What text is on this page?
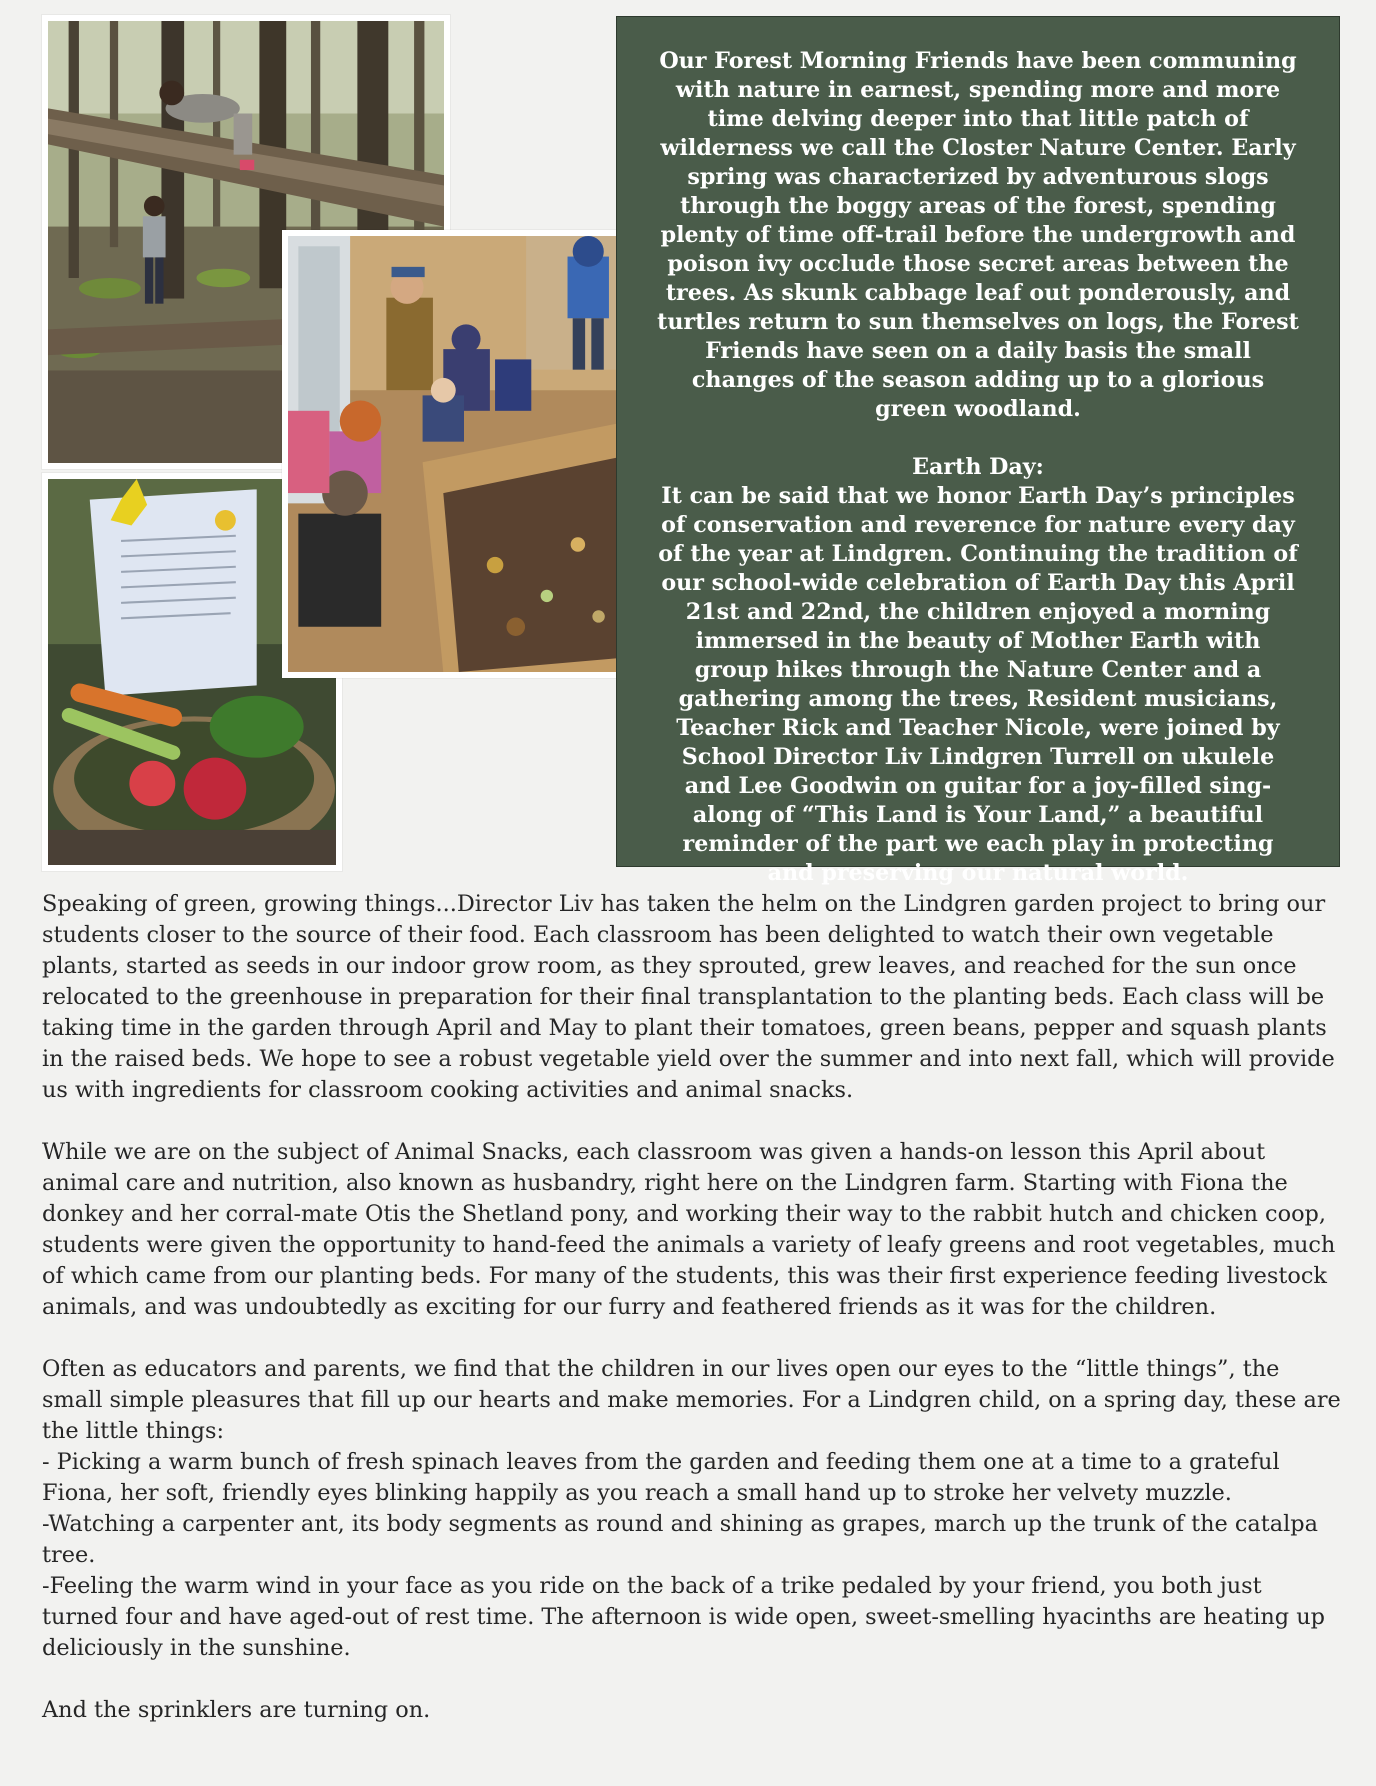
Our Forest Morning Friends have been communing with nature in earnest, spending more and more time delving deeper into that little patch of wilderness we call the Closter Nature Center. Early spring was characterized by adventurous slogs through the boggy areas of the forest, spending plenty of time off-trail before the undergrowth and poison ivy occlude those secret areas between the trees. As skunk cabbage leaf out ponderously, and turtles return to sun themselves on logs, the Forest Friends have seen on a daily basis the small changes of the season adding up to a glorious green woodland.

Earth Day:

It can be said that we honor Earth Day’s principles of conservation and reverence for nature every day of the year at Lindgren. Continuing the tradition of our school-wide celebration of Earth Day this April 21st and 22nd, the children enjoyed a morning immersed in the beauty of Mother Earth with group hikes through the Nature Center and a gathering among the trees, Resident musicians, Teacher Rick and Teacher Nicole, were joined by School Director Liv Lindgren Turrell on ukulele and Lee Goodwin on guitar for a joy-filled sing-along of “This Land is Your Land,” a beautiful reminder of the part we each play in protecting and preserving our natural world.

Speaking of green, growing things...Director Liv has taken the helm on the Lindgren garden project to bring our students closer to the source of their food. Each classroom has been delighted to watch their own vegetable plants, started as seeds in our indoor grow room, as they sprouted, grew leaves, and reached for the sun once relocated to the greenhouse in preparation for their final transplantation to the planting beds. Each class will be taking time in the garden through April and May to plant their tomatoes, green beans, pepper and squash plants in the raised beds. We hope to see a robust vegetable yield over the summer and into next fall, which will provide us with ingredients for classroom cooking activities and animal snacks.

While we are on the subject of Animal Snacks, each classroom was given a hands-on lesson this April about animal care and nutrition, also known as husbandry, right here on the Lindgren farm. Starting with Fiona the donkey and her corral-mate Otis the Shetland pony, and working their way to the rabbit hutch and chicken coop, students were given the opportunity to hand-feed the animals a variety of leafy greens and root vegetables, much of which came from our planting beds. For many of the students, this was their first experience feeding livestock animals, and was undoubtedly as exciting for our furry and feathered friends as it was for the children.

Often as educators and parents, we find that the children in our lives open our eyes to the “little things”, the small simple pleasures that fill up our hearts and make memories. For a Lindgren child, on a spring day, these are the little things:

- Picking a warm bunch of fresh spinach leaves from the garden and feeding them one at a time to a grateful Fiona, her soft, friendly eyes blinking happily as you reach a small hand up to stroke her velvety muzzle.

-Watching a carpenter ant, its body segments as round and shining as grapes, march up the trunk of the catalpa tree.

-Feeling the warm wind in your face as you ride on the back of a trike pedaled by your friend, you both just turned four and have aged-out of rest time. The afternoon is wide open, sweet-smelling hyacinths are heating up deliciously in the sunshine.

And the sprinklers are turning on.
